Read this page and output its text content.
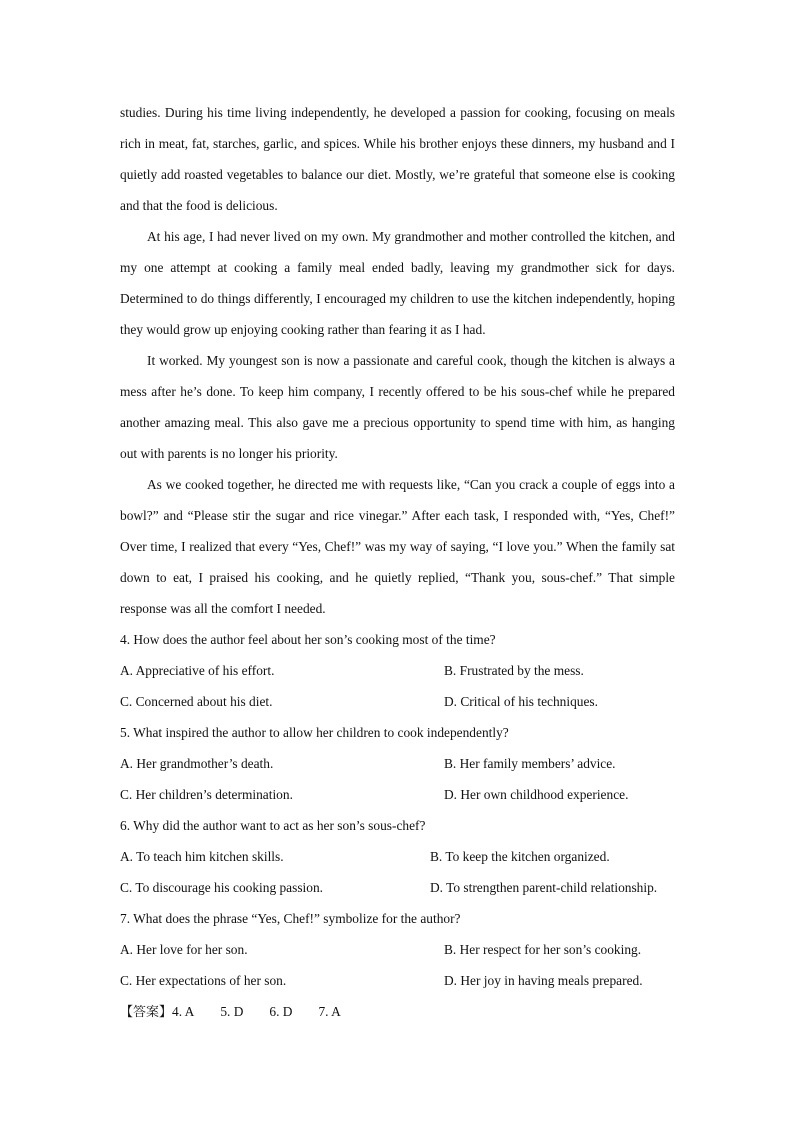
studies. During his time living independently, he developed a passion for cooking, focusing on meals rich in meat, fat, starches, garlic, and spices. While his brother enjoys these dinners, my husband and I quietly add roasted vegetables to balance our diet. Mostly, we’re grateful that someone else is cooking and that the food is delicious.

At his age, I had never lived on my own. My grandmother and mother controlled the kitchen, and my one attempt at cooking a family meal ended badly, leaving my grandmother sick for days. Determined to do things differently, I encouraged my children to use the kitchen independently, hoping they would grow up enjoying cooking rather than fearing it as I had.

It worked. My youngest son is now a passionate and careful cook, though the kitchen is always a mess after he’s done. To keep him company, I recently offered to be his sous-chef while he prepared another amazing meal. This also gave me a precious opportunity to spend time with him, as hanging out with parents is no longer his priority.

As we cooked together, he directed me with requests like, “Can you crack a couple of eggs into a bowl?” and “Please stir the sugar and rice vinegar.” After each task, I responded with, “Yes, Chef!” Over time, I realized that every “Yes, Chef!” was my way of saying, “I love you.” When the family sat down to eat, I praised his cooking, and he quietly replied, “Thank you, sous-chef.” That simple response was all the comfort I needed.

4. How does the author feel about her son’s cooking most of the time?
A. Appreciative of his effort.	B. Frustrated by the mess.
C. Concerned about his diet.	D. Critical of his techniques.
5. What inspired the author to allow her children to cook independently?
A. Her grandmother’s death.	B. Her family members’ advice.
C. Her children’s determination.	D. Her own childhood experience.
6. Why did the author want to act as her son’s sous-chef?
A. To teach him kitchen skills.	B. To keep the kitchen organized.
C. To discourage his cooking passion.	D. To strengthen parent-child relationship.
7. What does the phrase “Yes, Chef!” symbolize for the author?
A. Her love for her son.	B. Her respect for her son’s cooking.
C. Her expectations of her son.	D. Her joy in having meals prepared.
【答案】4. A 5. D 6. D 7. A
